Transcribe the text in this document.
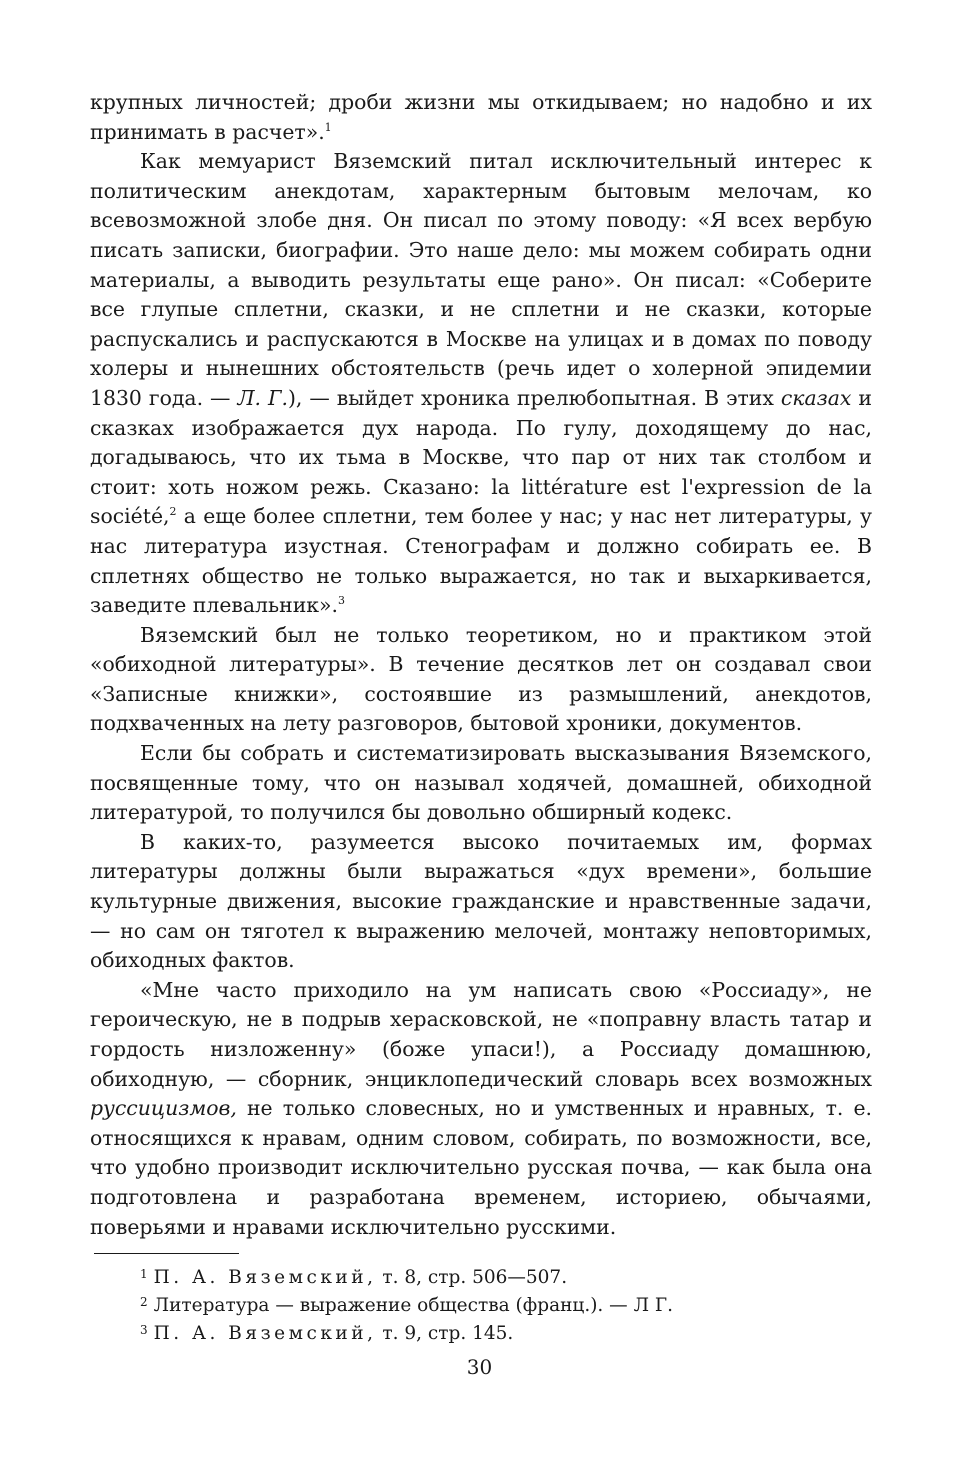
крупных личностей; дроби жизни мы откидываем; но надобно и их принимать в расчет».$^1$

Как мемуарист Вяземский питал исключительный интерес к политическим анекдотам, характерным бытовым мелочам, ко всевозможной злобе дня. Он писал по этому поводу: «Я всех вербую писать записки, биографии. Это наше дело: мы можем собирать одни материалы, а выводить результаты еще рано». Он писал: «Соберите все глупые сплетни, сказки, и не сплетни и не сказки, которые распускались и распускаются в Москве на улицах и в домах по поводу холеры и нынешних обстоятельств (речь идет о холерной эпидемии 1830 года. — Л. Г.), — выйдет хроника прелюбопытная. В этих сказах и сказках изображается дух народа. По гулу, доходящему до нас, догадываюсь, что их тьма в Москве, что пар от них так столбом и стоит: хоть ножом режь. Сказано: la littérature est l'expression de la société,$^2$ а еще более сплетни, тем более у нас; у нас нет литературы, у нас литература изустная. Стенографам и должно собирать ее. В сплетнях общество не только выражается, но так и выхаркивается, заведите плевальник».$^3$

Вяземский был не только теоретиком, но и практиком этой «обиходной литературы». В течение десятков лет он создавал свои «Записные книжки», состоявшие из размышлений, анекдотов, подхваченных на лету разговоров, бытовой хроники, документов.

Если бы собрать и систематизировать высказывания Вяземского, посвященные тому, что он называл ходячей, домашней, обиходной литературой, то получился бы довольно обширный кодекс.

В каких-то, разумеется высоко почитаемых им, формах литературы должны были выражаться «дух времени», большие культурные движения, высокие гражданские и нравственные задачи, — но сам он тяготел к выражению мелочей, монтажу неповторимых, обиходных фактов.

«Мне часто приходило на ум написать свою «Россиаду», не героическую, не в подрыв херасковской, не «поправну власть татар и гордость низложенну» (боже упаси!), а Россиаду домашнюю, обиходную, — сборник, энциклопедический словарь всех возможных руссицизмов, не только словесных, но и умственных и нравных, т. е. относящихся к нравам, одним словом, собирать, по возможности, все, что удобно производит исключительно русская почва, — как была она подготовлена и разработана временем, историею, обычаями, поверьями и нравами исключительно русскими.

$^1$ П. А. Вяземский, т. 8, стр. 506—507.
$^2$ Литература — выражение общества (франц.). — Л Г.
$^3$ П. А. Вяземский, т. 9, стр. 145.
30
